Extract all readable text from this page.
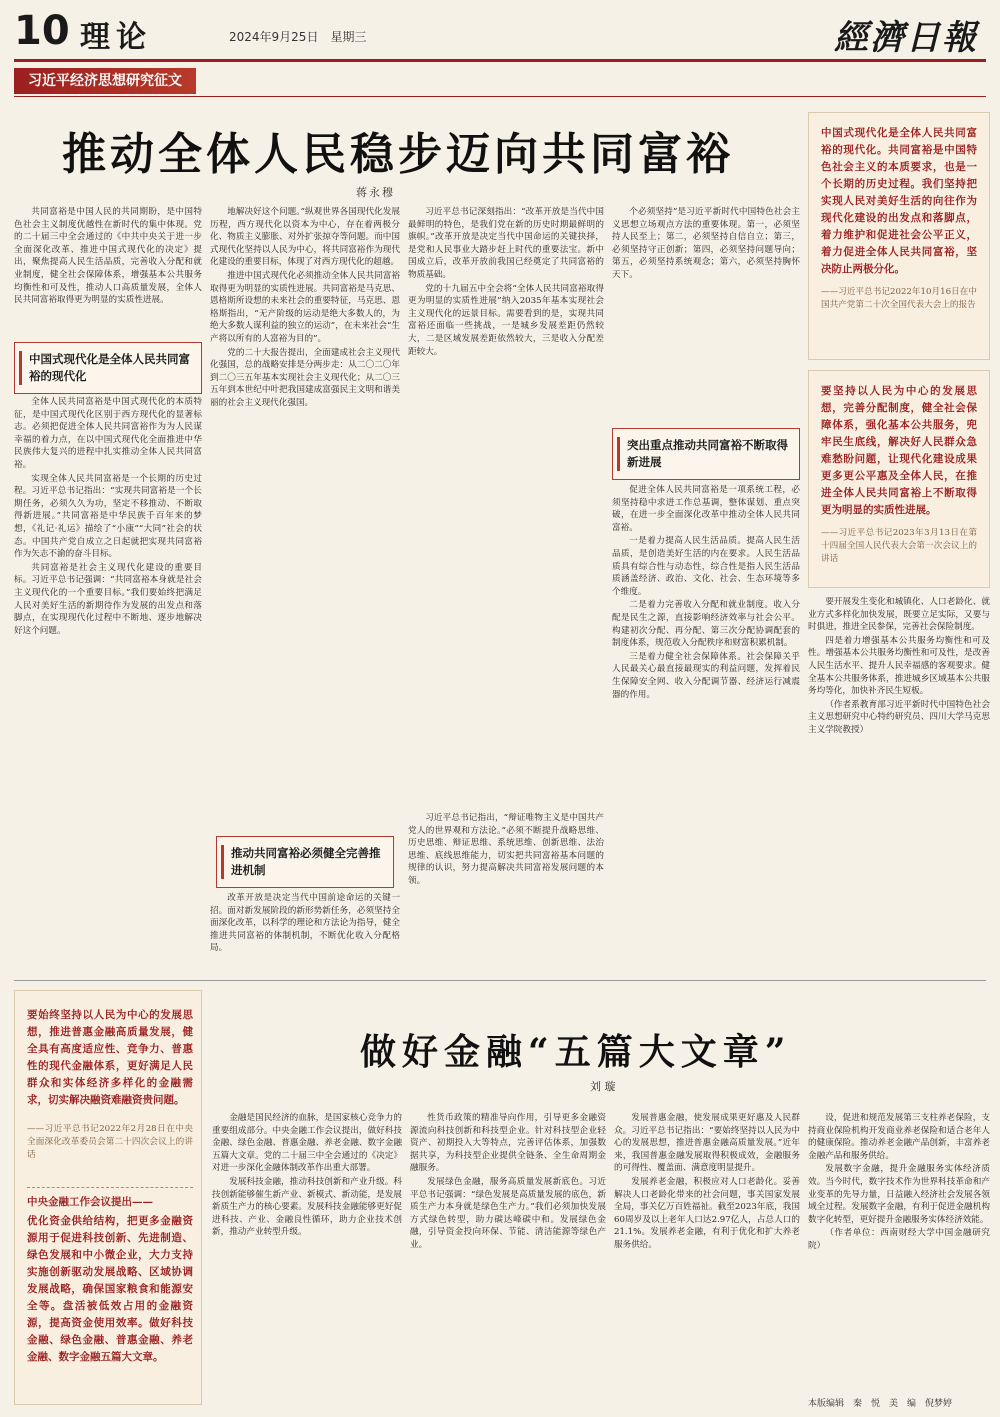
10 理论	2024年9月25日　星期三	經濟日報
习近平经济思想研究征文
推动全体人民稳步迈向共同富裕
蒋永穆

共同富裕是中国人民的共同期盼，是中国特色社会主义制度优越性在新时代的集中体现。党的二十届三中全会通过的《中共中央关于进一步全面深化改革、推进中国式现代化的决定》提出，聚焦提高人民生活品质，完善收入分配和就业制度，健全社会保障体系，增强基本公共服务均衡性和可及性，推动人口高质量发展，全体人民共同富裕取得更为明显的实质性进展。

中国式现代化是全体人民共同富裕的现代化

全体人民共同富裕是中国式现代化的本质特征，是中国式现代化区别于西方现代化的显著标志。必须把促进全体人民共同富裕作为为人民谋幸福的着力点，在以中国式现代化全面推进中华民族伟大复兴的进程中扎实推动全体人民共同富裕。

实现全体人民共同富裕是一个长期的历史过程。习近平总书记指出：“实现共同富裕是一个长期任务，必须久久为功，坚定不移推动、不断取得新进展。”共同富裕是中华民族千百年来的梦想，《礼记·礼运》描绘了“小康”“大同”社会的状态。中国共产党自成立之日起就把实现共同富裕作为矢志不渝的奋斗目标。

共同富裕是社会主义现代化建设的重要目标。习近平总书记强调：“共同富裕本身就是社会主义现代化的一个重要目标。”我们要始终把满足人民对美好生活的新期待作为发展的出发点和落脚点，在实现现代化过程中不断地、逐步地解决好这个问题。

地解决好这个问题。”纵观世界各国现代化发展历程，西方现代化以资本为中心，存在着两极分化、物质主义膨胀、对外扩张掠夺等问题。而中国式现代化坚持以人民为中心，将共同富裕作为现代化建设的重要目标，体现了对西方现代化的超越。

推进中国式现代化必须推动全体人民共同富裕取得更为明显的实质性进展。共同富裕是马克思、恩格斯所设想的未来社会的重要特征，马克思、恩格斯指出，“无产阶级的运动是绝大多数人的，为绝大多数人谋利益的独立的运动”，在未来社会“生产将以所有的人富裕为目的”。

党的二十大报告提出，全面建成社会主义现代化强国，总的战略安排是分两步走：从二〇二〇年到二〇三五年基本实现社会主义现代化；从二〇三五年到本世纪中叶把我国建成富强民主文明和谐美丽的社会主义现代化强国。

推动共同富裕必须健全完善推进机制

改革开放是决定当代中国前途命运的关键一招。面对新发展阶段的新形势新任务，必须坚持全面深化改革，以科学的理论和方法论为指导，健全推进共同富裕的体制机制，不断优化收入分配格局。

习近平总书记深刻指出：“改革开放是当代中国最鲜明的特色，是我们党在新的历史时期最鲜明的旗帜。”改革开放是决定当代中国命运的关键抉择，是党和人民事业大踏步赶上时代的重要法宝。新中国成立后，改革开放前我国已经奠定了共同富裕的物质基础。

党的十九届五中全会将“全体人民共同富裕取得更为明显的实质性进展”纳入2035年基本实现社会主义现代化的远景目标。需要看到的是，实现共同富裕还面临一些挑战，一是城乡发展差距仍然较大，二是区域发展差距依然较大，三是收入分配差距较大。

习近平总书记指出，“辩证唯物主义是中国共产党人的世界观和方法论。”必须不断提升战略思维、历史思维、辩证思维、系统思维、创新思维、法治思维、底线思维能力，切实把共同富裕基本问题的规律的认识，努力提高解决共同富裕发展问题的本领。

个必须坚持”是习近平新时代中国特色社会主义思想立场观点方法的重要体现。第一，必须坚持人民至上；第二，必须坚持自信自立；第三，必须坚持守正创新；第四，必须坚持问题导向；第五，必须坚持系统观念；第六，必须坚持胸怀天下。

突出重点推动共同富裕不断取得新进展

促进全体人民共同富裕是一项系统工程，必须坚持稳中求进工作总基调，整体谋划、重点突破，在进一步全面深化改革中推动全体人民共同富裕。

一是着力提高人民生活品质。提高人民生活品质，是创造美好生活的内在要求。人民生活品质具有综合性与动态性，综合性是指人民生活品质涵盖经济、政治、文化、社会、生态环境等多个维度。

二是着力完善收入分配和就业制度。收入分配是民生之源，直接影响经济效率与社会公平。构建初次分配、再分配、第三次分配协调配套的制度体系，规范收入分配秩序和财富积累机制。

三是着力健全社会保障体系。社会保障关乎人民最关心最直接最现实的利益问题，发挥着民生保障安全网、收入分配调节器、经济运行减震器的作用。

中国式现代化是全体人民共同富裕的现代化。共同富裕是中国特色社会主义的本质要求，也是一个长期的历史过程。我们坚持把实现人民对美好生活的向往作为现代化建设的出发点和落脚点，着力维护和促进社会公平正义，着力促进全体人民共同富裕，坚决防止两极分化。
——习近平总书记2022年10月16日在中国共产党第二十次全国代表大会上的报告
要坚持以人民为中心的发展思想，完善分配制度，健全社会保障体系，强化基本公共服务，兜牢民生底线，解决好人民群众急难愁盼问题，让现代化建设成果更多更公平惠及全体人民，在推进全体人民共同富裕上不断取得更为明显的实质性进展。
——习近平总书记2023年3月13日在第十四届全国人民代表大会第一次会议上的讲话

要开展发生变化和城镇化、人口老龄化、就业方式多样化加快发展，既要立足实际，又要与时俱进，推进全民参保，完善社会保险制度。

四是着力增强基本公共服务均衡性和可及性。增强基本公共服务均衡性和可及性，是改善人民生活水平、提升人民幸福感的客观要求。健全基本公共服务体系，推进城乡区域基本公共服务均等化，加快补齐民生短板。

（作者系教育部习近平新时代中国特色社会主义思想研究中心特约研究员、四川大学马克思主义学院教授）

要始终坚持以人民为中心的发展思想，推进普惠金融高质量发展，健全具有高度适应性、竞争力、普惠性的现代金融体系，更好满足人民群众和实体经济多样化的金融需求，切实解决融资难融资贵问题。
——习近平总书记2022年2月28日在中央全面深化改革委员会第二十四次会议上的讲话
中央金融工作会议提出——
优化资金供给结构，把更多金融资源用于促进科技创新、先进制造、绿色发展和中小微企业，大力支持实施创新驱动发展战略、区域协调发展战略，确保国家粮食和能源安全等。盘活被低效占用的金融资源，提高资金使用效率。做好科技金融、绿色金融、普惠金融、养老金融、数字金融五篇大文章。
做好金融“五篇大文章”
刘 璇

金融是国民经济的血脉，是国家核心竞争力的重要组成部分。中央金融工作会议提出，做好科技金融、绿色金融、普惠金融、养老金融、数字金融五篇大文章。党的二十届三中全会通过的《决定》对进一步深化金融体制改革作出重大部署。

发展科技金融，推动科技创新和产业升级。科技创新能够催生新产业、新模式、新动能，是发展新质生产力的核心要素。发展科技金融能够更好促进科技、产业、金融良性循环，助力企业技术创新，推动产业转型升级。

性货币政策的精准导向作用，引导更多金融资源流向科技创新和科技型企业。针对科技型企业轻资产、初期投入大等特点，完善评估体系，加强数据共享，为科技型企业提供全链条、全生命周期金融服务。

发展绿色金融，服务高质量发展新底色。习近平总书记强调：“绿色发展是高质量发展的底色，新质生产力本身就是绿色生产力。”我们必须加快发展方式绿色转型，助力碳达峰碳中和。发展绿色金融，引导资金投向环保、节能、清洁能源等绿色产业。

发展普惠金融，使发展成果更好惠及人民群众。习近平总书记指出：“要始终坚持以人民为中心的发展思想，推进普惠金融高质量发展。”近年来，我国普惠金融发展取得积极成效，金融服务的可得性、覆盖面、满意度明显提升。

发展养老金融，积极应对人口老龄化。妥善解决人口老龄化带来的社会问题，事关国家发展全局，事关亿万百姓福祉。截至2023年底，我国60周岁及以上老年人口达2.97亿人，占总人口的21.1%。发展养老金融，有利于优化和扩大养老服务供给。

设，促进和规范发展第三支柱养老保险，支持商业保险机构开发商业养老保险和适合老年人的健康保险。推动养老金融产品创新，丰富养老金融产品和服务供给。

发展数字金融，提升金融服务实体经济质效。当今时代，数字技术作为世界科技革命和产业变革的先导力量，日益融入经济社会发展各领域全过程。发展数字金融，有利于促进金融机构数字化转型，更好提升金融服务实体经济效能。

（作者单位：西南财经大学中国金融研究院）

本版编辑　秦　悦　美　编　倪梦婷
